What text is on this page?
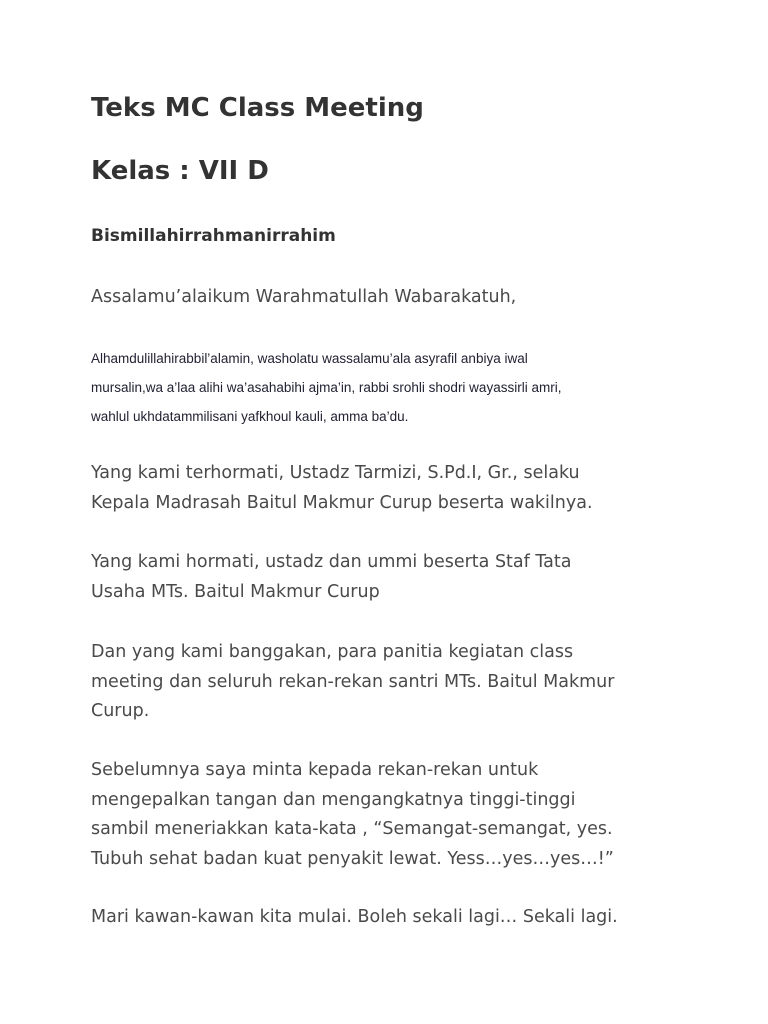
Teks MC Class Meeting
Kelas : VII D
Bismillahirrahmanirrahim

Assalamu’alaikum Warahmatullah Wabarakatuh,

Alhamdulillahirabbil’alamin, washolatu wassalamu’ala asyrafil anbiya iwal
mursalin,wa a’laa alihi wa’asahabihi ajma’in, rabbi srohli shodri wayassirli amri,
wahlul ukhdatammilisani yafkhoul kauli, amma ba’du.

Yang kami terhormati, Ustadz Tarmizi, S.Pd.I, Gr., selaku
Kepala Madrasah Baitul Makmur Curup beserta wakilnya.

Yang kami hormati, ustadz dan ummi beserta Staf Tata
Usaha MTs. Baitul Makmur Curup

Dan yang kami banggakan, para panitia kegiatan class
meeting dan seluruh rekan-rekan santri MTs. Baitul Makmur
Curup.

Sebelumnya saya minta kepada rekan-rekan untuk
mengepalkan tangan dan mengangkatnya tinggi-tinggi
sambil meneriakkan kata-kata , “Semangat-semangat, yes.
Tubuh sehat badan kuat penyakit lewat. Yess…yes…yes…!”

Mari kawan-kawan kita mulai. Boleh sekali lagi… Sekali lagi.
